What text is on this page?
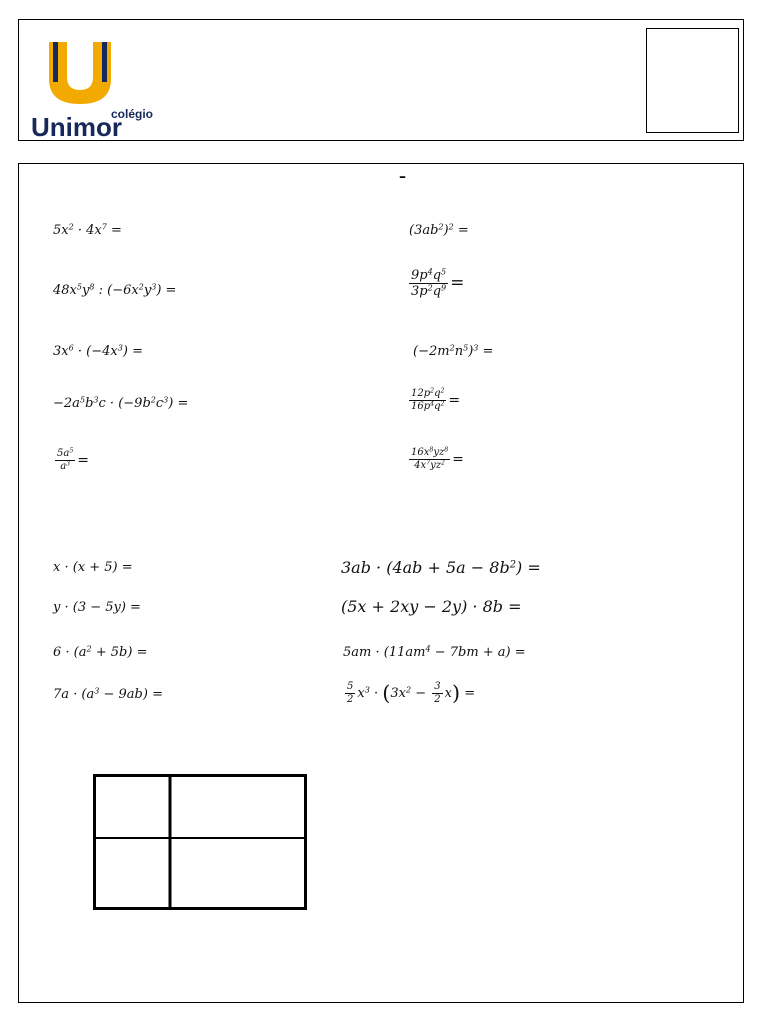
colégio
Unimor
–
$5x^2 \cdot 4x^7$ =
$48x^5y^8$ : $(-6x^2y^3)$ =
$3x^6 \cdot (-4x^3)$ =
$-2a^5b^3c \cdot (-9b^2c^3)$ =
$\frac{5a^5}{a^3}$ =
$(3ab^2)^2$ =
$\frac{9p^4q^5}{3p^2q^9}$ =
$(-2m^2n^5)^3$ =
$\frac{12p^2q^2}{16p^4q^2}$ =
$\frac{16x^8yz^8}{4x^7yz^2}$ =
x · (x + 5) =
y · (3 − 5y) =
$6 \cdot (a^2 + 5b)$ =
$7a \cdot (a^3 - 9ab)$ =
$3ab \cdot (4ab + 5a - 8b^2)$ =
(5x + 2xy − 2y) · 8b =
$5am \cdot (11am^4 - 7bm + a)$ =
$\frac{5}{2} x^3 \cdot (3x^2 - \frac{3}{2} x)$ =
